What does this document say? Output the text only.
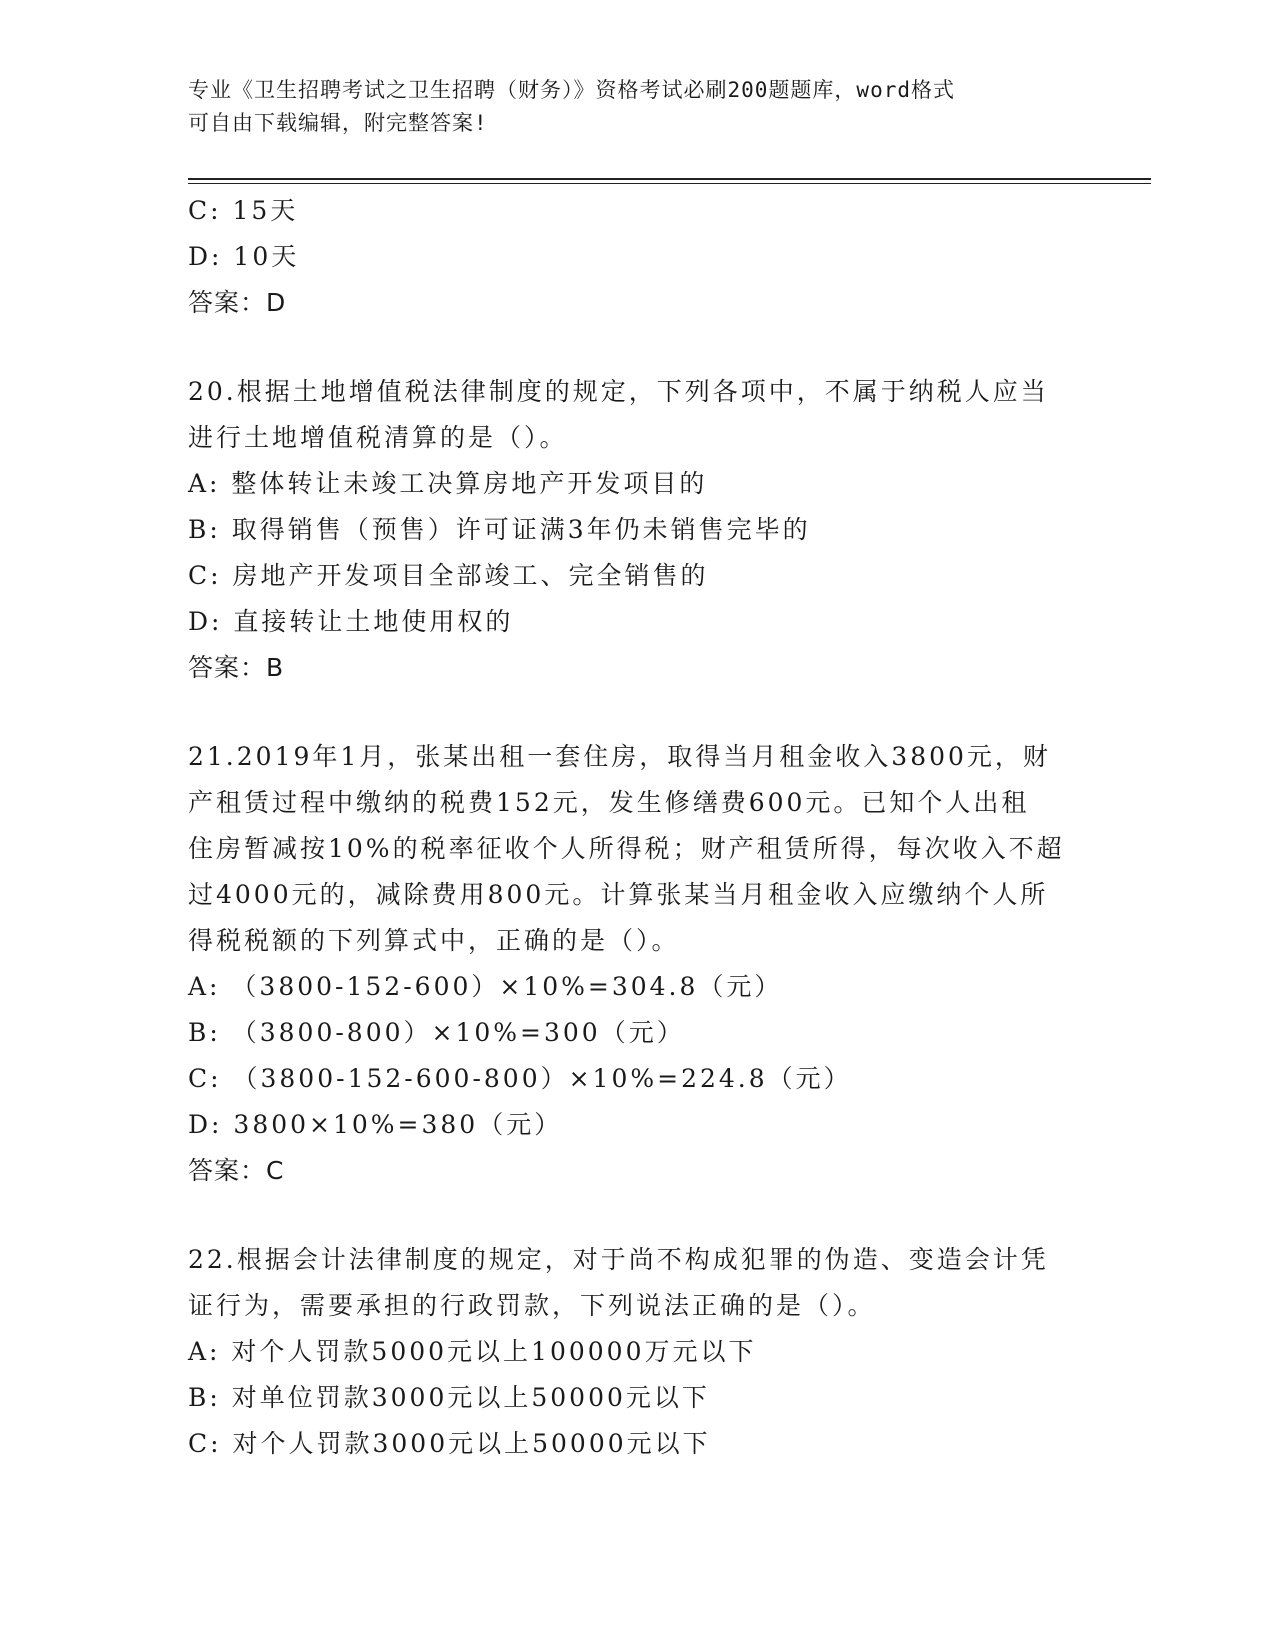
专业《卫生招聘考试之卫生招聘（财务）》资格考试必刷200题题库，word格式
可自由下载编辑，附完整答案!
C: 15天
D: 10天
答案：D
20.根据土地增值税法律制度的规定，下列各项中，不属于纳税人应当
进行土地增值税清算的是（）。
A: 整体转让未竣工决算房地产开发项目的
B: 取得销售（预售）许可证满3年仍未销售完毕的
C: 房地产开发项目全部竣工、完全销售的
D: 直接转让土地使用权的
答案：B
21.2019年1月，张某出租一套住房，取得当月租金收入3800元，财
产租赁过程中缴纳的税费152元，发生修缮费600元。已知个人出租
住房暂减按10%的税率征收个人所得税；财产租赁所得，每次收入不超
过4000元的，减除费用800元。计算张某当月租金收入应缴纳个人所
得税税额的下列算式中，正确的是（）。
A: （3800-152-600）×10%=304.8（元）
B: （3800-800）×10%=300（元）
C: （3800-152-600-800）×10%=224.8（元）
D: 3800×10%=380（元）
答案：C
22.根据会计法律制度的规定，对于尚不构成犯罪的伪造、变造会计凭
证行为，需要承担的行政罚款，下列说法正确的是（）。
A: 对个人罚款5000元以上100000万元以下
B: 对单位罚款3000元以上50000元以下
C: 对个人罚款3000元以上50000元以下
